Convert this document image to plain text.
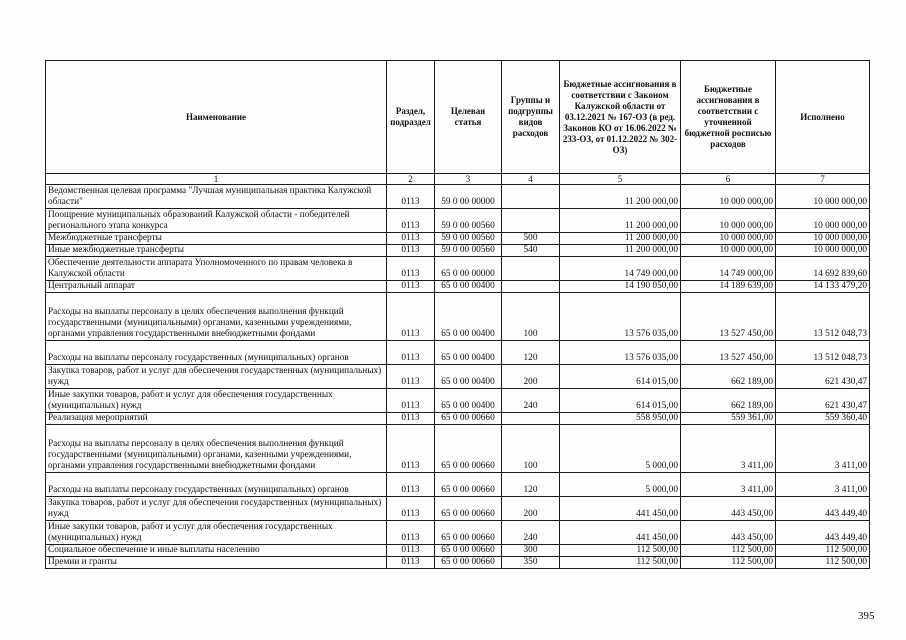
Наименование	Раздел, подраздел	Целевая статья	Группы и подгруппы видов расходов	Бюджетные ассигнования в соответствии с Законом Калужской области от 03.12.2021 № 167-ОЗ (в ред. Законов КО от 16.06.2022 № 233-ОЗ, от 01.12.2022 № 302-ОЗ)	Бюджетные ассигнования в соответствии с уточненной бюджетной росписью расходов	Исполнено
1	2	3	4	5	6	7
Ведомственная целевая программа "Лучшая муниципальная практика Калужской области"	0113	59 0 00 00000		11 200 000,00	10 000 000,00	10 000 000,00
Поощрение муниципальных образований Калужской области - победителей регионального этапа конкурса	0113	59 0 00 00560		11 200 000,00	10 000 000,00	10 000 000,00
Межбюджетные трансферты	0113	59 0 00 00560	500	11 200 000,00	10 000 000,00	10 000 000,00
Иные межбюджетные трансферты	0113	59 0 00 00560	540	11 200 000,00	10 000 000,00	10 000 000,00
Обеспечение деятельности аппарата Уполномоченного по правам человека в Калужской области	0113	65 0 00 00000		14 749 000,00	14 749 000,00	14 692 839,60
Центральный аппарат	0113	65 0 00 00400		14 190 050,00	14 189 639,00	14 133 479,20
Расходы на выплаты персоналу в целях обеспечения выполнения функций государственными (муниципальными) органами, казенными учреждениями, органами управления государственными внебюджетными фондами	0113	65 0 00 00400	100	13 576 035,00	13 527 450,00	13 512 048,73
Расходы на выплаты персоналу государственных (муниципальных) органов	0113	65 0 00 00400	120	13 576 035,00	13 527 450,00	13 512 048,73
Закупка товаров, работ и услуг для обеспечения государственных (муниципальных) нужд	0113	65 0 00 00400	200	614 015,00	662 189,00	621 430,47
Иные закупки товаров, работ и услуг для обеспечения государственных (муниципальных) нужд	0113	65 0 00 00400	240	614 015,00	662 189,00	621 430,47
Реализация мероприятий	0113	65 0 00 00660		558 950,00	559 361,00	559 360,40
Расходы на выплаты персоналу в целях обеспечения выполнения функций государственными (муниципальными) органами, казенными учреждениями, органами управления государственными внебюджетными фондами	0113	65 0 00 00660	100	5 000,00	3 411,00	3 411,00
Расходы на выплаты персоналу государственных (муниципальных) органов	0113	65 0 00 00660	120	5 000,00	3 411,00	3 411,00
Закупка товаров, работ и услуг для обеспечения государственных (муниципальных) нужд	0113	65 0 00 00660	200	441 450,00	443 450,00	443 449,40
Иные закупки товаров, работ и услуг для обеспечения государственных (муниципальных) нужд	0113	65 0 00 00660	240	441 450,00	443 450,00	443 449,40
Социальное обеспечение и иные выплаты населению	0113	65 0 00 00660	300	112 500,00	112 500,00	112 500,00
Премии и гранты	0113	65 0 00 00660	350	112 500,00	112 500,00	112 500,00
395
